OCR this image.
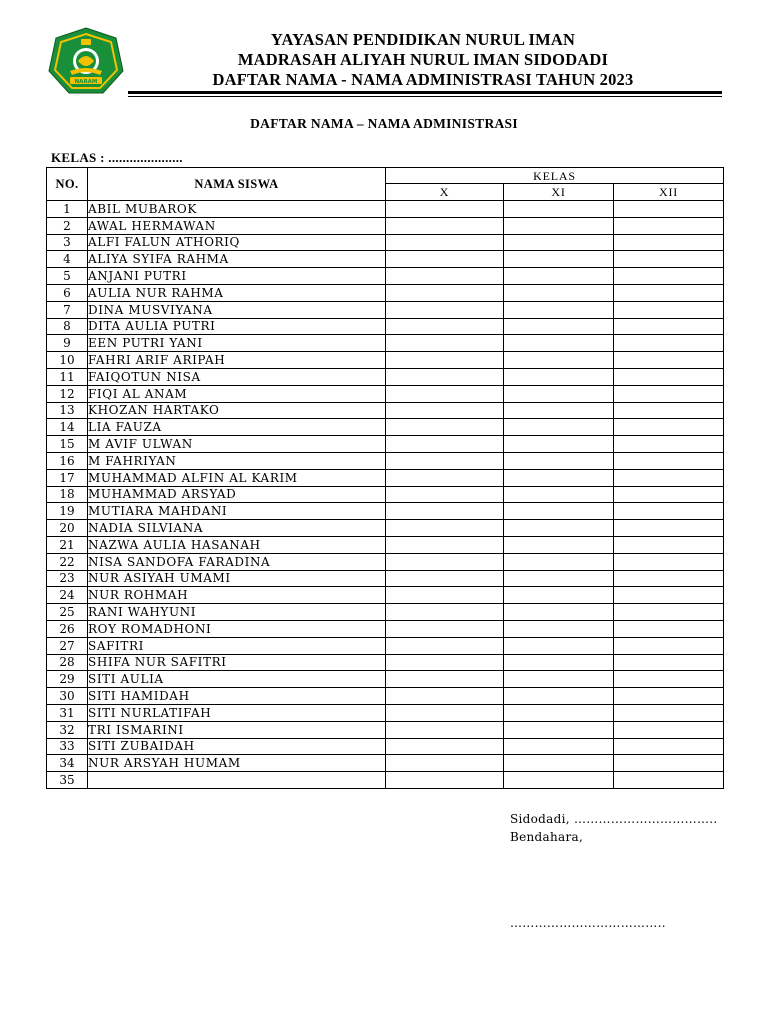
NARAM
YAYASAN PENDIDIKAN NURUL IMAN
MADRASAH ALIYAH NURUL IMAN SIDODADI
DAFTAR NAMA - NAMA ADMINISTRASI TAHUN 2023
DAFTAR NAMA – NAMA ADMINISTRASI
KELAS : .....................
NO.	NAMA SISWA	KELAS		
		X	XI	XII
1	ABIL MUBAROK			
2	AWAL HERMAWAN			
3	ALFI FALUN ATHORIQ			
4	ALIYA SYIFA RAHMA			
5	ANJANI PUTRI			
6	AULIA NUR RAHMA			
7	DINA MUSVIYANA			
8	DITA AULIA PUTRI			
9	EEN PUTRI YANI			
10	FAHRI ARIF ARIPAH			
11	FAIQOTUN NISA			
12	FIQI AL ANAM			
13	KHOZAN HARTAKO			
14	LIA FAUZA			
15	M AVIF ULWAN			
16	M FAHRIYAN			
17	MUHAMMAD ALFIN AL KARIM			
18	MUHAMMAD ARSYAD			
19	MUTIARA MAHDANI			
20	NADIA SILVIANA			
21	NAZWA AULIA HASANAH			
22	NISA SANDOFA FARADINA			
23	NUR ASIYAH UMAMI			
24	NUR ROHMAH			
25	RANI WAHYUNI			
26	ROY ROMADHONI			
27	SAFITRI			
28	SHIFA NUR SAFITRI			
29	SITI AULIA			
30	SITI HAMIDAH			
31	SITI NURLATIFAH			
32	TRI ISMARINI			
33	SITI ZUBAIDAH			
34	NUR ARSYAH HUMAM			
35				
Sidodadi, ……………………………..
Bendahara,
………………………………..
